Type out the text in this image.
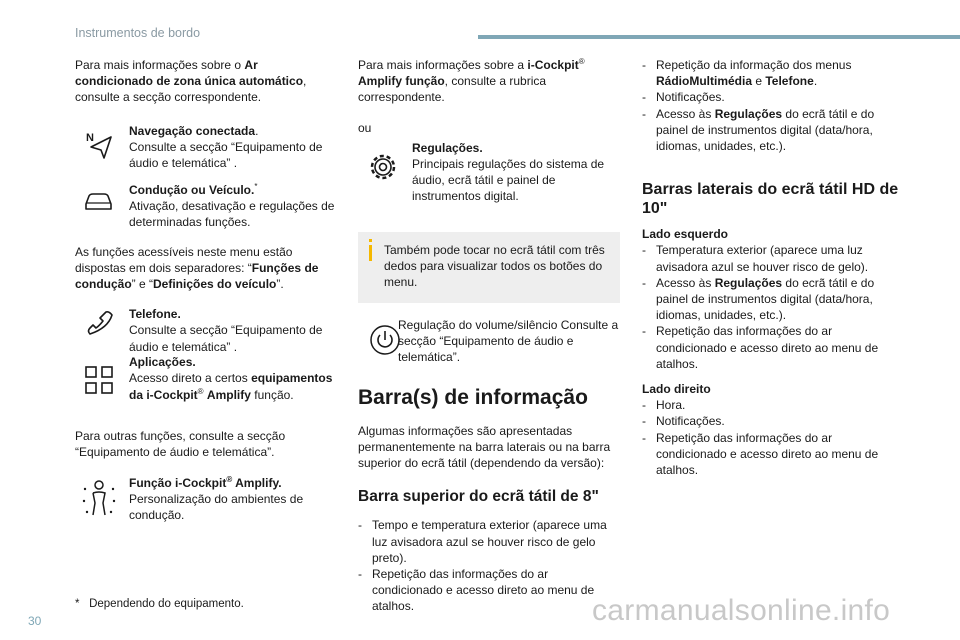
Instrumentos de bordo

Para mais informações sobre o Ar condicionado de zona única automático, consulte a secção correspondente.

N	Navegação conectada.

Consulte a secção “Equipamento de áudio e telemática” .

Condução ou Veículo.*

Ativação, desativação e regulações de determinadas funções.

As funções acessíveis neste menu estão dispostas em dois separadores: “Funções de condução” e “Definições do veículo”.

Telefone.

Consulte a secção “Equipamento de áudio e telemática” .

Aplicações.

Acesso direto a certos equipamentos da i-Cockpit® Amplify função.

Para outras funções, consulte a secção “Equipamento de áudio e telemática”.

Função i-Cockpit® Amplify.

Personalização do ambientes de condução.

* Dependendo do equipamento.

Para mais informações sobre a i-Cockpit®
Amplify função, consulte a rubrica correspondente.

ou

Regulações.

Principais regulações do sistema de áudio, ecrã tátil e painel de instrumentos digital.

Também pode tocar no ecrã tátil com três dedos para visualizar todos os botões do menu.

Regulação do volume/silêncio Consulte a secção “Equipamento de áudio e telemática”.

Barra(s) de informação

Algumas informações são apresentadas permanentemente na barra laterais ou na barra superior do ecrã tátil (dependendo da versão):

Barra superior do ecrã tátil de 8"
- Tempo e temperatura exterior (aparece uma luz avisadora azul se houver risco de gelo preto).
- Repetição das informações do ar condicionado e acesso direto ao menu de atalhos.
- Repetição da informação dos menus RádioMultimédia e Telefone.
- Notificações.
- Acesso às Regulações do ecrã tátil e do painel de instrumentos digital (data/hora, idiomas, unidades, etc.).
Barras laterais do ecrã tátil HD de 10"

Lado esquerdo

- Temperatura exterior (aparece uma luz avisadora azul se houver risco de gelo).
- Acesso às Regulações do ecrã tátil e do painel de instrumentos digital (data/hora, idiomas, unidades, etc.).
- Repetição das informações do ar condicionado e acesso direto ao menu de atalhos.

Lado direito

- Hora.
- Notificações.
- Repetição das informações do ar condicionado e acesso direto ao menu de atalhos.
30	carmanualsonline.info
